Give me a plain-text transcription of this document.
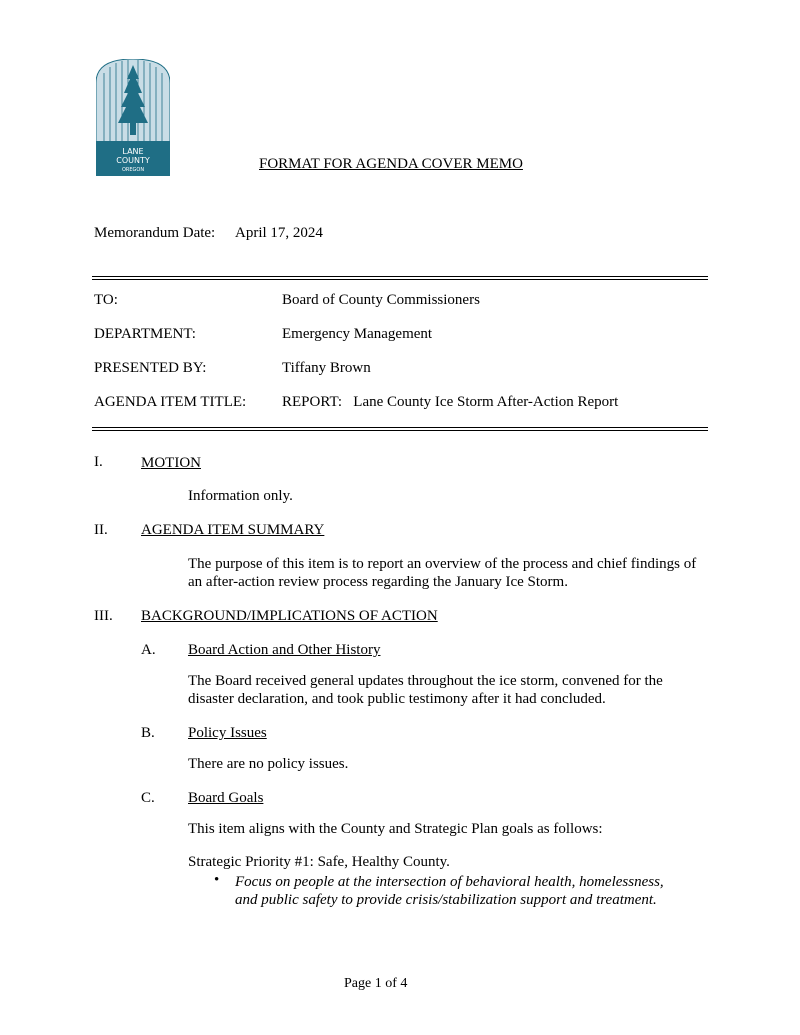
LANE
COUNTY
OREGON	FORMAT FOR AGENDA COVER MEMO
Memorandum Date: April 17, 2024
TO:	Board of County Commissioners
DEPARTMENT:	Emergency Management
PRESENTED BY:	Tiffany Brown
AGENDA ITEM TITLE: REPORT:   Lane County Ice Storm After-Action Report
I.	MOTION
Information only.
II. AGENDA ITEM SUMMARY
The purpose of this item is to report an overview of the process and chief findings of
an after-action review process regarding the January Ice Storm.
III. BACKGROUND/IMPLICATIONS OF ACTION
A. Board Action and Other History
The Board received general updates throughout the ice storm, convened for the
disaster declaration, and took public testimony after it had concluded.
B. Policy Issues
There are no policy issues.
C. Board Goals
This item aligns with the County and Strategic Plan goals as follows:
Strategic Priority #1: Safe, Healthy County.
• Focus on people at the intersection of behavioral health, homelessness,
and public safety to provide crisis/stabilization support and treatment.
Page 1 of 4
